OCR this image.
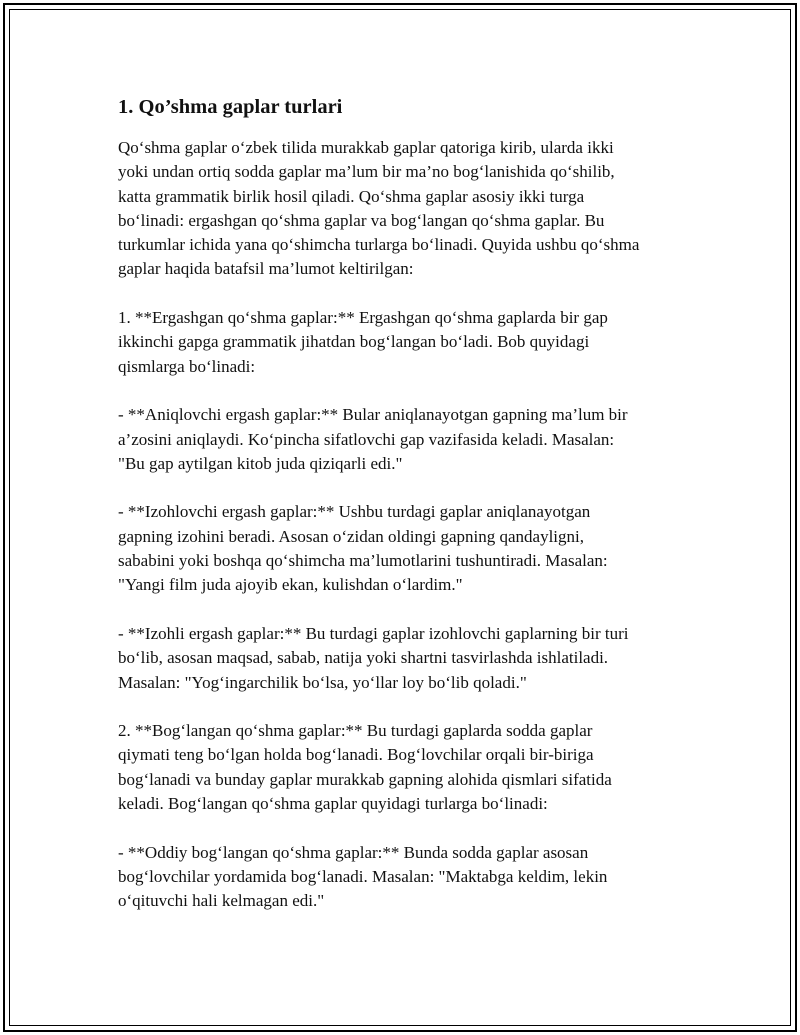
1. Qo’shma gaplar turlari

Qo‘shma gaplar o‘zbek tilida murakkab gaplar qatoriga kirib, ularda ikki
yoki undan ortiq sodda gaplar ma’lum bir ma’no bog‘lanishida qo‘shilib,
katta grammatik birlik hosil qiladi. Qo‘shma gaplar asosiy ikki turga
bo‘linadi: ergashgan qo‘shma gaplar va bog‘langan qo‘shma gaplar. Bu
turkumlar ichida yana qo‘shimcha turlarga bo‘linadi. Quyida ushbu qo‘shma
gaplar haqida batafsil ma’lumot keltirilgan:

1. **Ergashgan qo‘shma gaplar:** Ergashgan qo‘shma gaplarda bir gap
ikkinchi gapga grammatik jihatdan bog‘langan bo‘ladi. Bob quyidagi
qismlarga bo‘linadi:

- **Aniqlovchi ergash gaplar:** Bular aniqlanayotgan gapning ma’lum bir
a’zosini aniqlaydi. Ko‘pincha sifatlovchi gap vazifasida keladi. Masalan:
"Bu gap aytilgan kitob juda qiziqarli edi."

- **Izohlovchi ergash gaplar:** Ushbu turdagi gaplar aniqlanayotgan
gapning izohini beradi. Asosan o‘zidan oldingi gapning qandayligni,
sababini yoki boshqa qo‘shimcha ma’lumotlarini tushuntiradi. Masalan:
"Yangi film juda ajoyib ekan, kulishdan o‘lardim."

- **Izohli ergash gaplar:** Bu turdagi gaplar izohlovchi gaplarning bir turi
bo‘lib, asosan maqsad, sabab, natija yoki shartni tasvirlashda ishlatiladi.
Masalan: "Yog‘ingarchilik bo‘lsa, yo‘llar loy bo‘lib qoladi."

2. **Bog‘langan qo‘shma gaplar:** Bu turdagi gaplarda sodda gaplar
qiymati teng bo‘lgan holda bog‘lanadi. Bog‘lovchilar orqali bir-biriga
bog‘lanadi va bunday gaplar murakkab gapning alohida qismlari sifatida
keladi. Bog‘langan qo‘shma gaplar quyidagi turlarga bo‘linadi:

- **Oddiy bog‘langan qo‘shma gaplar:** Bunda sodda gaplar asosan
bog‘lovchilar yordamida bog‘lanadi. Masalan: "Maktabga keldim, lekin
o‘qituvchi hali kelmagan edi."
